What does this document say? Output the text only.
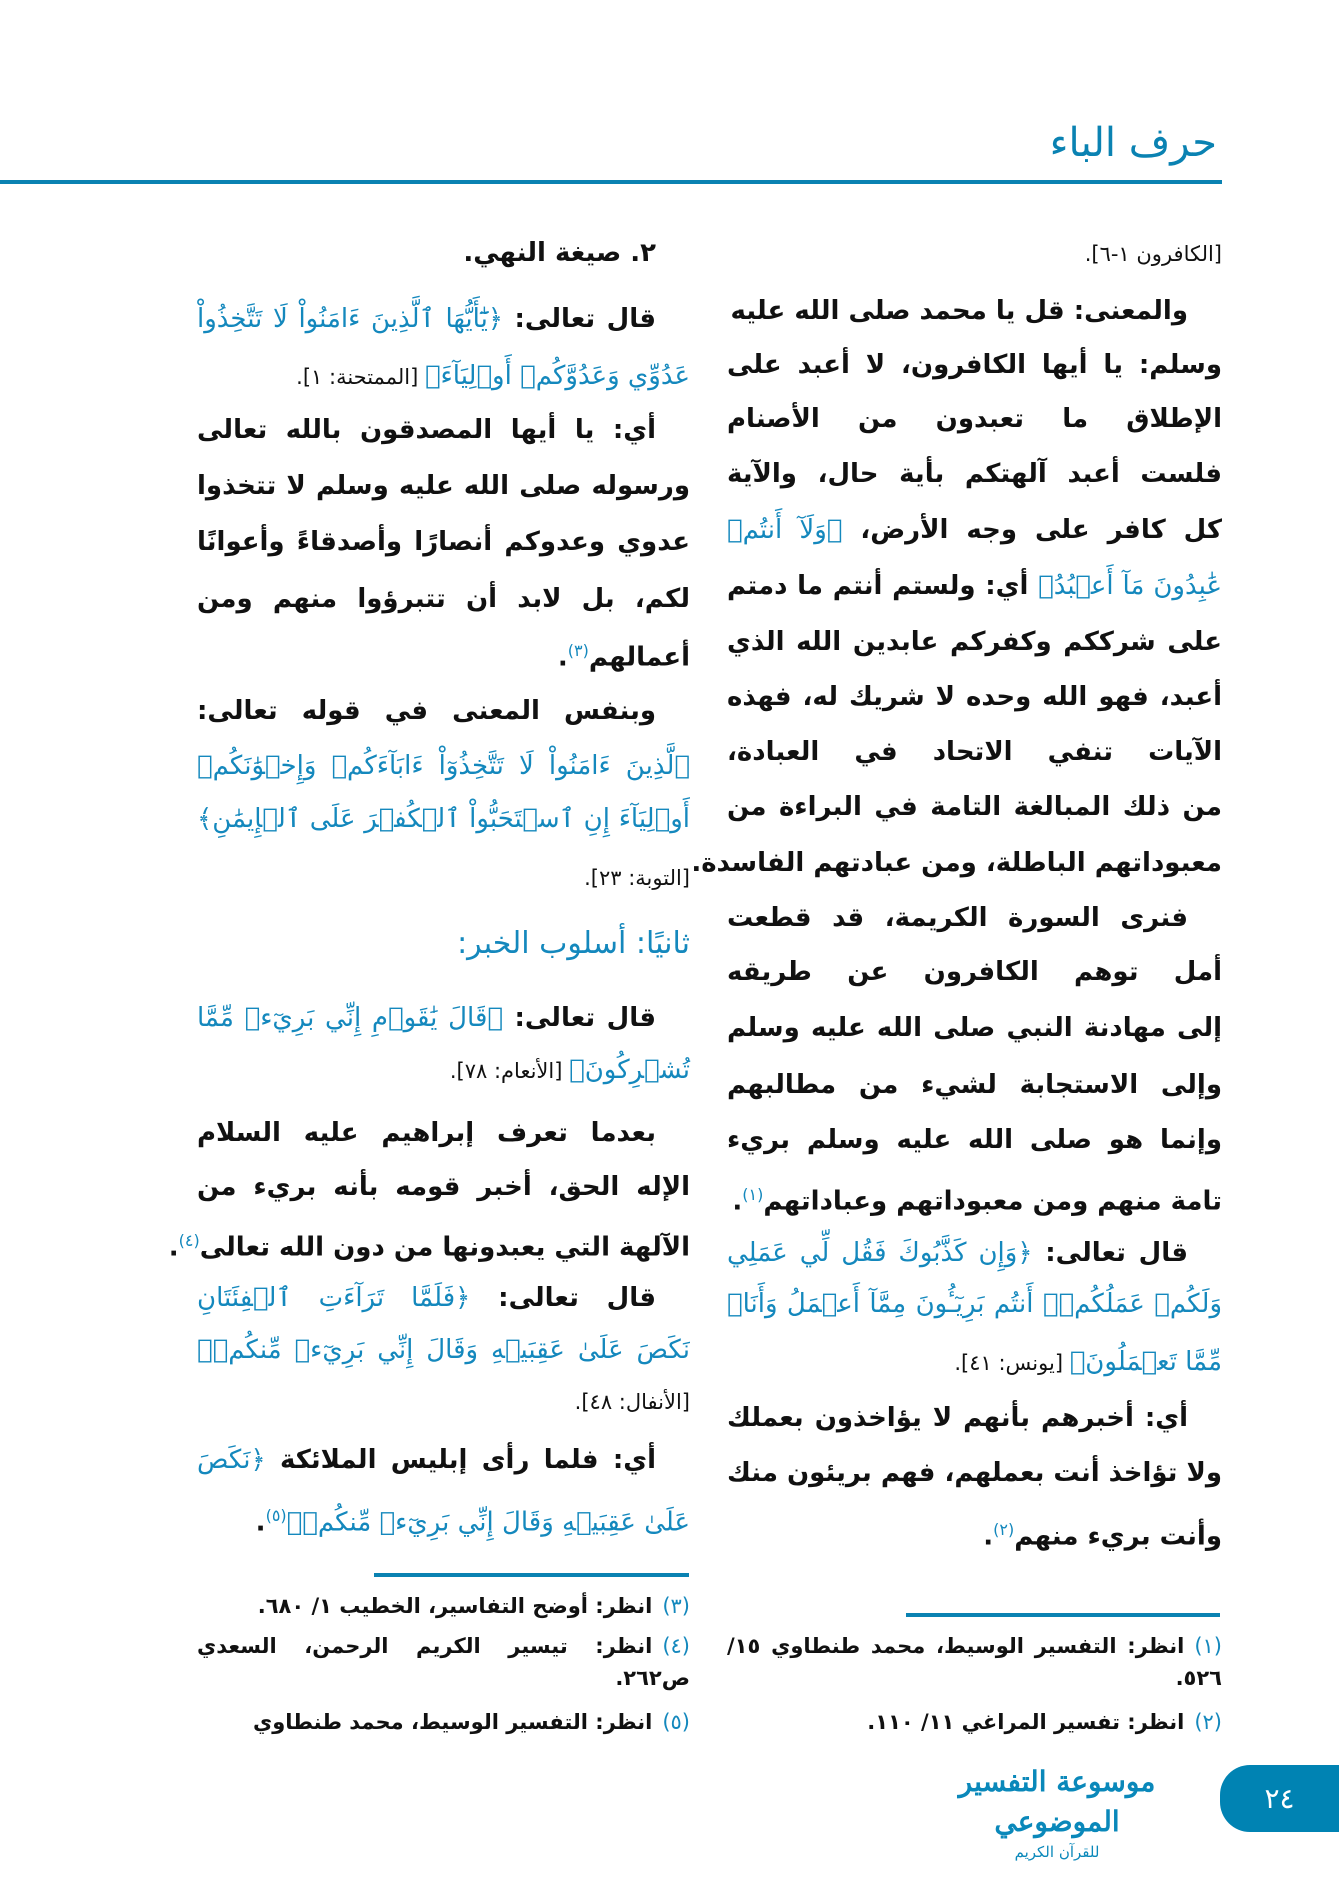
حرف الباء
[الكافرون ١-٦].
والمعنى: قل يا محمد صلى الله عليه
وسلم: يا أيها الكافرون، لا أعبد على
الإطلاق ما تعبدون من الأصنام
فلست أعبد آلهتكم بأية حال، والآية
كل كافر على وجه الأرض، ﴿وَلَآ أَنتُمۡ
عَٰبِدُونَ مَآ أَعۡبُدُ﴾ أي: ولستم أنتم ما دمتم
على شرككم وكفركم عابدين الله الذي
أعبد، فهو الله وحده لا شريك له، فهذه
الآيات تنفي الاتحاد في العبادة،
من ذلك المبالغة التامة في البراءة من
معبوداتهم الباطلة، ومن عبادتهم الفاسدة.
فنرى السورة الكريمة، قد قطعت
أمل توهم الكافرون عن طريقه
إلى مهادنة النبي صلى الله عليه وسلم
وإلى الاستجابة لشيء من مطالبهم
وإنما هو صلى الله عليه وسلم بريء
تامة منهم ومن معبوداتهم وعباداتهم$^{(١)}$.
قال تعالى: ﴿وَإِن كَذَّبُوكَ فَقُل لِّي عَمَلِي
وَلَكُمۡ عَمَلُكُمۡۖ أَنتُم بَرِيٓـُٔونَ مِمَّآ أَعۡمَلُ وَأَنَا۠
مِّمَّا تَعۡمَلُونَ﴾ [يونس: ٤١].
أي: أخبرهم بأنهم لا يؤاخذون بعملك
ولا تؤاخذ أنت بعملهم، فهم بريئون منك
وأنت بريء منهم$^{(٢)}$.
٢. صيغة النهي.
قال تعالى: ﴿يَٰٓأَيُّهَا ٱلَّذِينَ ءَامَنُواْ لَا تَتَّخِذُواْ
عَدُوِّي وَعَدُوَّكُمۡ أَوۡلِيَآءَ﴾ [الممتحنة: ١].
أي: يا أيها المصدقون بالله تعالى
ورسوله صلى الله عليه وسلم لا تتخذوا
عدوي وعدوكم أنصارًا وأصدقاءً وأعوانًا
لكم، بل لابد أن تتبرؤوا منهم ومن
أعمالهم$^{(٣)}$.
وبنفس المعنى في قوله تعالى:
ٱلَّذِينَ ءَامَنُواْ لَا تَتَّخِذُوٓاْ ءَابَآءَكُمۡ وَإِخۡوَٰنَكُمۡ
أَوۡلِيَآءَ إِنِ ٱسۡتَحَبُّواْ ٱلۡكُفۡرَ عَلَى ٱلۡإِيمَٰنِ﴾
[التوبة: ٢٣].
ثانيًا: أسلوب الخبر:
قال تعالى: ﴿قَالَ يَٰقَوۡمِ إِنِّي بَرِيٓءٞ مِّمَّا
تُشۡرِكُونَ﴾ [الأنعام: ٧٨].
بعدما تعرف إبراهيم عليه السلام
الإله الحق، أخبر قومه بأنه بريء من
الآلهة التي يعبدونها من دون الله تعالى$^{(٤)}$.
قال تعالى: ﴿فَلَمَّا تَرَآءَتِ ٱلۡفِئَتَانِ
نَكَصَ عَلَىٰ عَقِبَيۡهِ وَقَالَ إِنِّي بَرِيٓءٞ مِّنكُمۡ﴾
[الأنفال: ٤٨].
أي: فلما رأى إبليس الملائكة ﴿نَكَصَ
عَلَىٰ عَقِبَيۡهِ وَقَالَ إِنِّي بَرِيٓءٞ مِّنكُمۡ﴾$^{(٥)}$.
(١)انظر: التفسير الوسيط، محمد طنطاوي ١٥/ ٥٢٦.
(٢)انظر: تفسير المراغي ١١/ ١١٠.
(٣)انظر: أوضح التفاسير، الخطيب ١/ ٦٨٠.
(٤)انظر: تيسير الكريم الرحمن، السعدي ص٢٦٢.
(٥)انظر: التفسير الوسيط، محمد طنطاوي
موسوعة التفسير الموضوعي
للقرآن الكريم
٢٤
